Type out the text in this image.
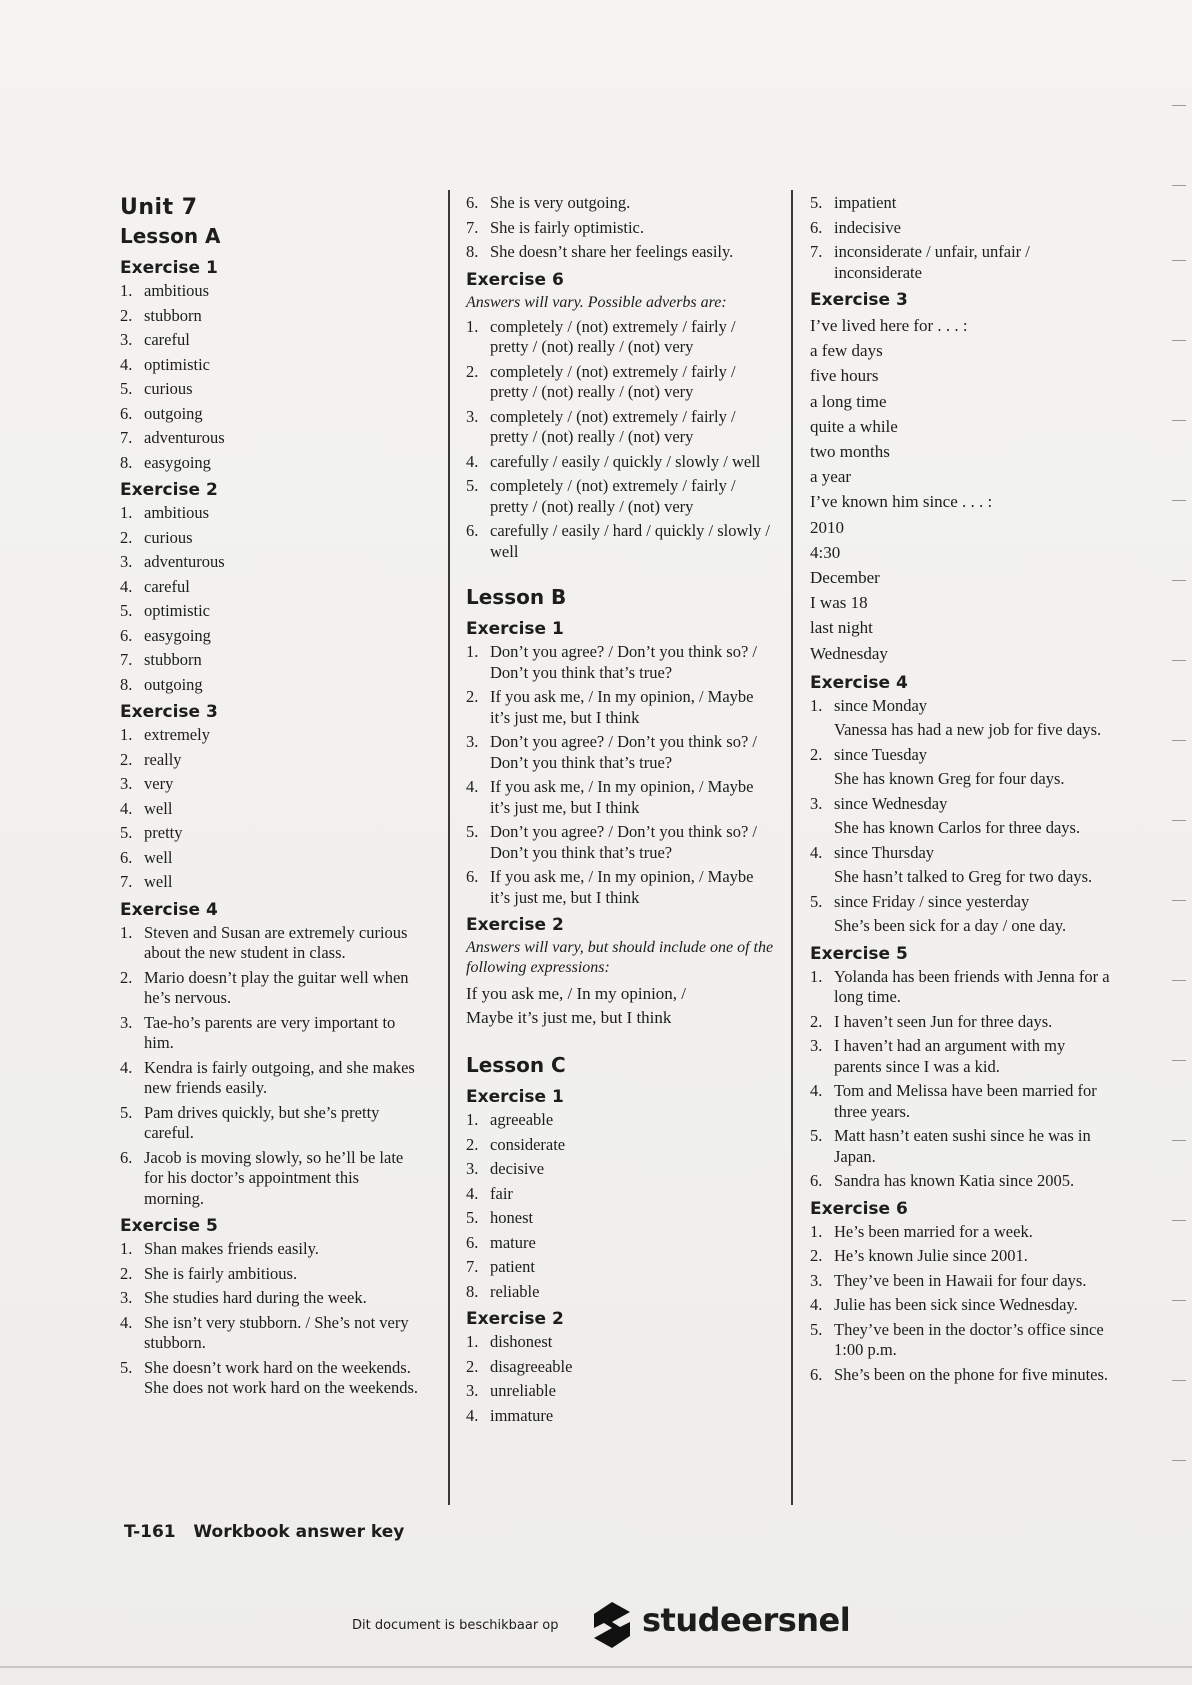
Unit 7
Lesson A
Exercise 1
1. ambitious
2. stubborn
3. careful
4. optimistic
5. curious
6. outgoing
7. adventurous
8. easygoing
Exercise 2
1. ambitious
2. curious
3. adventurous
4. careful
5. optimistic
6. easygoing
7. stubborn
8. outgoing
Exercise 3
1. extremely
2. really
3. very
4. well
5. pretty
6. well
7. well
Exercise 4
1. Steven and Susan are extremely curious about the new student in class.
2. Mario doesn’t play the guitar well when he’s nervous.
3. Tae-ho’s parents are very important to him.
4. Kendra is fairly outgoing, and she makes new friends easily.
5. Pam drives quickly, but she’s pretty careful.
6. Jacob is moving slowly, so he’ll be late for his doctor’s appointment this morning.
Exercise 5
1. Shan makes friends easily.
2. She is fairly ambitious.
3. She studies hard during the week.
4. She isn’t very stubborn. / She’s not very stubborn.
5. She doesn’t work hard on the weekends. She does not work hard on the weekends.
6. She is very outgoing.
7. She is fairly optimistic.
8. She doesn’t share her feelings easily.
Exercise 6

Answers will vary. Possible adverbs are:

1. completely / (not) extremely / fairly / pretty / (not) really / (not) very
2. completely / (not) extremely / fairly / pretty / (not) really / (not) very
3. completely / (not) extremely / fairly / pretty / (not) really / (not) very
4. carefully / easily / quickly / slowly / well
5. completely / (not) extremely / fairly / pretty / (not) really / (not) very
6. carefully / easily / hard / quickly / slowly / well
Lesson B
Exercise 1
1. Don’t you agree? / Don’t you think so? / Don’t you think that’s true?
2. If you ask me, / In my opinion, / Maybe it’s just me, but I think
3. Don’t you agree? / Don’t you think so? / Don’t you think that’s true?
4. If you ask me, / In my opinion, / Maybe it’s just me, but I think
5. Don’t you agree? / Don’t you think so? / Don’t you think that’s true?
6. If you ask me, / In my opinion, / Maybe it’s just me, but I think
Exercise 2

Answers will vary, but should include one of the following expressions:

If you ask me, / In my opinion, /

Maybe it’s just me, but I think

Lesson C
Exercise 1
1. agreeable
2. considerate
3. decisive
4. fair
5. honest
6. mature
7. patient
8. reliable
Exercise 2
1. dishonest
2. disagreeable
3. unreliable
4. immature
5. impatient
6. indecisive
7. inconsiderate / unfair, unfair / inconsiderate
Exercise 3

I’ve lived here for . . . :

a few days

five hours

a long time

quite a while

two months

a year

I’ve known him since . . . :

2010

4:30

December

I was 18

last night

Wednesday

Exercise 4
1. since Monday
Vanessa has had a new job for five days.
2. since Tuesday
She has known Greg for four days.
3. since Wednesday
She has known Carlos for three days.
4. since Thursday
She hasn’t talked to Greg for two days.
5. since Friday / since yesterday
She’s been sick for a day / one day.
Exercise 5
1. Yolanda has been friends with Jenna for a long time.
2. I haven’t seen Jun for three days.
3. I haven’t had an argument with my parents since I was a kid.
4. Tom and Melissa have been married for three years.
5. Matt hasn’t eaten sushi since he was in Japan.
6. Sandra has known Katia since 2005.
Exercise 6
1. He’s been married for a week.
2. He’s known Julie since 2001.
3. They’ve been in Hawaii for four days.
4. Julie has been sick since Wednesday.
5. They’ve been in the doctor’s office since 1:00 p.m.
6. She’s been on the phone for five minutes.
T-161   Workbook answer key
Dit document is beschikbaar op	studeersnel
